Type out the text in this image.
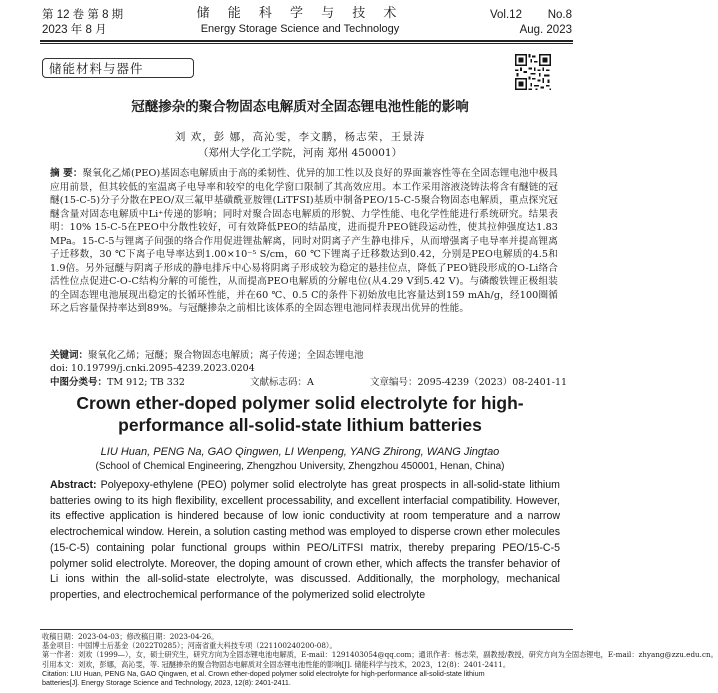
第 12 卷 第 8 期
2023 年 8 月
储 能 科 学 与 技 术
Energy Storage Science and Technology
Vol.12 No.8
Aug. 2023
储能材料与器件
冠醚掺杂的聚合物固态电解质对全固态锂电池性能的影响
刘 欢，彭 娜，高沁雯，李文鹏，杨志荣，王景涛
（郑州大学化工学院，河南 郑州 450001）

摘 要：聚氧化乙烯(PEO)基固态电解质由于高的柔韧性、优异的加工性以及良好的界面兼容性等在全固态锂电池中极具应用前景，但其较低的室温离子电导率和较窄的电化学窗口限制了其高效应用。本工作采用溶液浇铸法将含有醚链的冠醚(15-C-5)分子分散在PEO/双三氟甲基磺酰亚胺锂(LiTFSI)基质中制备PEO/15-C-5聚合物固态电解质，重点探究冠醚含量对固态电解质中Li⁺传递的影响；同时对聚合固态电解质的形貌、力学性能、电化学性能进行系统研究。结果表明：10% 15-C-5在PEO中分散性较好，可有效降低PEO的结晶度，进而提升PEO链段运动性，使其拉伸强度达1.83 MPa。15-C-5与锂离子间强的络合作用促进锂盐解离，同时对阴离子产生静电排斥，从而增强离子电导率并提高锂离子迁移数，30 ℃下离子电导率达到1.00×10⁻⁵ S/cm，60 ℃下锂离子迁移数达到0.42，分别是PEO电解质的4.5和1.9倍。另外冠醚与阴离子形成的静电排斥中心易将阴离子形成较为稳定的悬挂位点，降低了PEO链段形成的O-Li络合活性位点促进C-O-C结构分解的可能性，从而提高PEO电解质的分解电位(从4.29 V到5.42 V)。与磷酸铁锂正极组装的全固态锂电池展现出稳定的长循环性能，并在60 ℃、0.5 C的条件下初始放电比容量达到159 mAh/g，经100圈循环之后容量保持率达到89%。与冠醚掺杂之前相比该体系的全固态锂电池同样表现出优异的性能。

关键词：聚氧化乙烯；冠醚；聚合物固态电解质；离子传递；全固态锂电池
doi: 10.19799/j.cnki.2095-4239.2023.0204
中图分类号：TM 912; TB 332	文献标志码：A	文章编号：2095-4239（2023）08-2401-11
Crown ether-doped polymer solid electrolyte for high-performance all-solid-state lithium batteries
LIU Huan, PENG Na, GAO Qingwen, LI Wenpeng, YANG Zhirong, WANG Jingtao
(School of Chemical Engineering, Zhengzhou University, Zhengzhou 450001, Henan, China)
Abstract: Polyepoxy-ethylene (PEO) polymer solid electrolyte has great prospects in all-solid-state lithium batteries owing to its high flexibility, excellent processability, and excellent interfacial compatibility. However, its effective application is hindered because of low ionic conductivity at room temperature and a narrow electrochemical window. Herein, a solution casting method was employed to disperse crown ether molecules (15-C-5) containing polar functional groups within PEO/LiTFSI matrix, thereby preparing PEO/15-C-5 polymer solid electrolyte. Moreover, the doping amount of crown ether, which affects the transfer behavior of Li ions within the all-solid-state electrolyte, was discussed. Additionally, the morphology, mechanical properties, and electrochemical performance of the polymerized solid electrolyte
收稿日期：2023-04-03；修改稿日期：2023-04-26。
基金项目：中国博士后基金（2022T0285）；河南省重大科技专项（221100240200-08）。
第一作者：刘欢（1999—），女，硕士研究生，研究方向为全固态锂电池电解质，E-mail：1291403054@qq.com；通讯作者：杨志荣，副教授/教授，研究方向为全固态锂电，E-mail：zhyang@zzu.edu.cn。
引用本文：刘欢，彭娜，高沁雯，等. 冠醚掺杂的聚合物固态电解质对全固态锂电池性能的影响[J]. 储能科学与技术，2023，12(8)：2401-2411。
Citation: LIU Huan, PENG Na, GAO Qingwen, et al. Crown ether-doped polymer solid electrolyte for high-performance all-solid-state lithium
batteries[J]. Energy Storage Science and Technology, 2023, 12(8): 2401-2411.
